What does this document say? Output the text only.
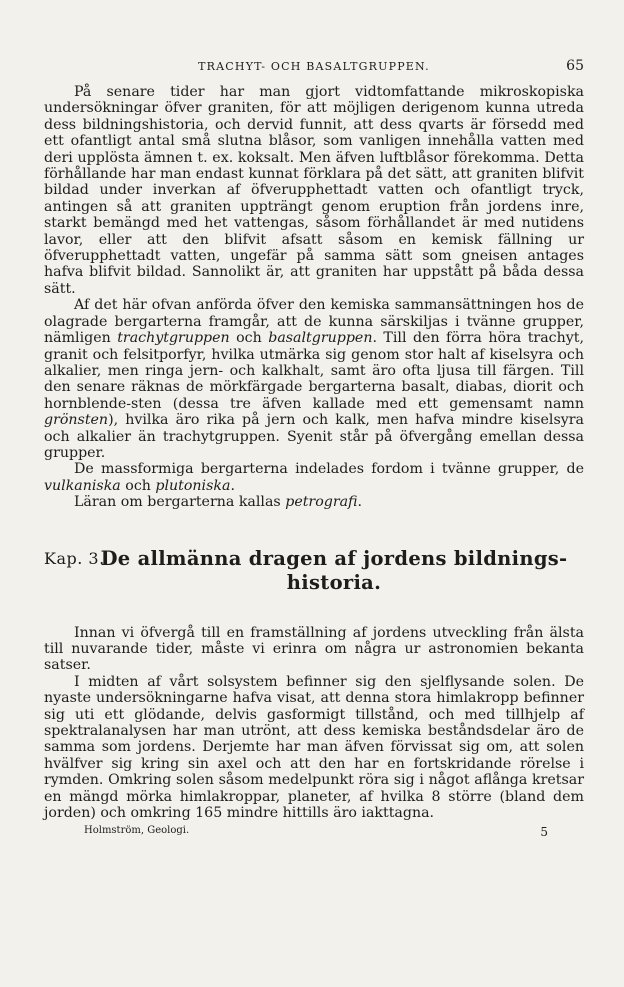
TRACHYT- OCH BASALTGRUPPEN.	65

På senare tider har man gjort vidtomfattande mikroskopiska undersökningar öfver graniten, för att möjligen derigenom kunna utreda dess bildningshistoria, och dervid funnit, att dess qvarts är försedd med ett ofantligt antal små slutna blåsor, som vanligen innehålla vatten med deri upplösta ämnen t. ex. koksalt. Men äfven luftblåsor förekomma. Detta förhållande har man endast kunnat förklara på det sätt, att graniten blifvit bildad under inverkan af öfverupphettadt vatten och ofantligt tryck, antingen så att graniten uppträngt genom eruption från jordens inre, starkt bemängd med het vattengas, såsom förhållandet är med nutidens lavor, eller att den blifvit afsatt såsom en kemisk fällning ur öfverupphettadt vatten, ungefär på samma sätt som gneisen antages hafva blifvit bildad. Sannolikt är, att graniten har uppstått på båda dessa sätt.

Af det här ofvan anförda öfver den kemiska sammansättningen hos de olagrade bergarterna framgår, att de kunna särskiljas i tvänne grupper, nämligen trachytgruppen och basaltgruppen. Till den förra höra trachyt, granit och felsitporfyr, hvilka utmärka sig genom stor halt af kiselsyra och alkalier, men ringa jern- och kalkhalt, samt äro ofta ljusa till färgen. Till den senare räknas de mörkfärgade bergarterna basalt, diabas, diorit och hornblende-sten (dessa tre äfven kallade med ett gemensamt namn grönsten), hvilka äro rika på jern och kalk, men hafva mindre kiselsyra och alkalier än trachytgruppen. Syenit står på öfvergång emellan dessa grupper.

De massformiga bergarterna indelades fordom i tvänne grupper, de vulkaniska och plutoniska.

Läran om bergarterna kallas petrografi.

Kap. 3.
De allmänna dragen af jordens bildnings-
historia.

Innan vi öfvergå till en framställning af jordens utveckling från älsta till nuvarande tider, måste vi erinra om några ur astronomien bekanta satser.

I midten af vårt solsystem befinner sig den sjelflysande solen. De nyaste undersökningarne hafva visat, att denna stora himlakropp befinner sig uti ett glödande, delvis gasformigt tillstånd, och med tillhjelp af spektralanalysen har man utrönt, att dess kemiska beståndsdelar äro de samma som jordens. Derjemte har man äfven förvissat sig om, att solen hvälfver sig kring sin axel och att den har en fortskridande rörelse i rymden. Omkring solen såsom medelpunkt röra sig i något aflånga kretsar en mängd mörka himlakroppar, planeter, af hvilka 8 större (bland dem jorden) och omkring 165 mindre hittills äro iakttagna.

Holmström, Geologi.	5
